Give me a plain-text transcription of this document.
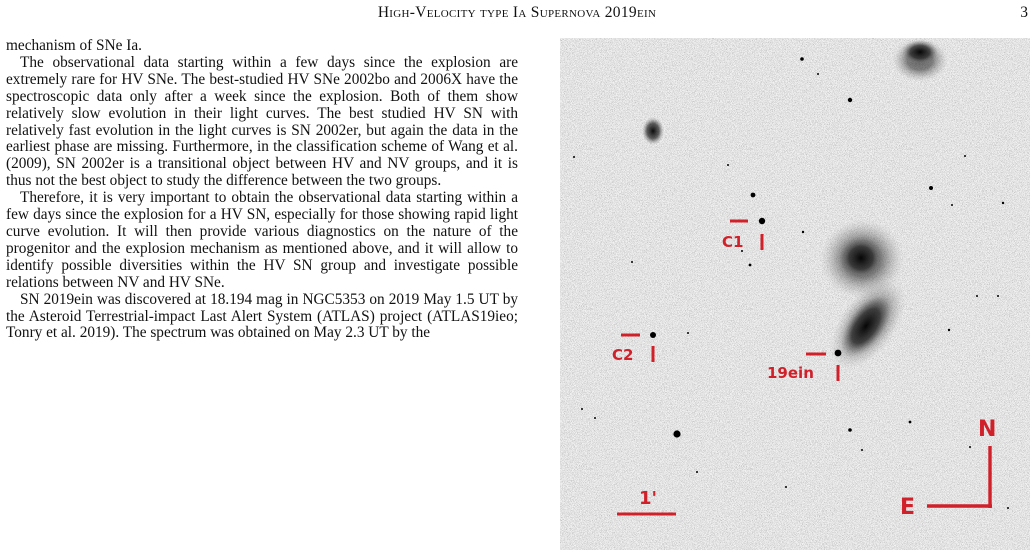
High-Velocity type Ia Supernova 2019ein	3

mechanism of SNe Ia.

The observational data starting within a few days since the explosion are extremely rare for HV SNe. The best-studied HV SNe 2002bo and 2006X have the spectroscopic data only after a week since the explosion. Both of them show relatively slow evolution in their light curves. The best studied HV SN with relatively fast evolution in the light curves is SN 2002er, but again the data in the earliest phase are missing. Furthermore, in the classification scheme of Wang et al. (2009), SN 2002er is a transitional object between HV and NV groups, and it is thus not the best object to study the difference between the two groups.

Therefore, it is very important to obtain the observational data starting within a few days since the explosion for a HV SN, especially for those showing rapid light curve evolution. It will then provide various diagnostics on the nature of the progenitor and the explosion mechanism as mentioned above, and it will allow to identify possible diversities within the HV SN group and investigate possible relations between NV and HV SNe.

SN 2019ein was discovered at 18.194 mag in NGC5353 on 2019 May 1.5 UT by the Asteroid Terrestrial-impact Last Alert System (ATLAS) project (ATLAS19ieo; Tonry et al. 2019). The spectrum was obtained on May 2.3 UT by the

C1
C2
19ein
1'
N
E
